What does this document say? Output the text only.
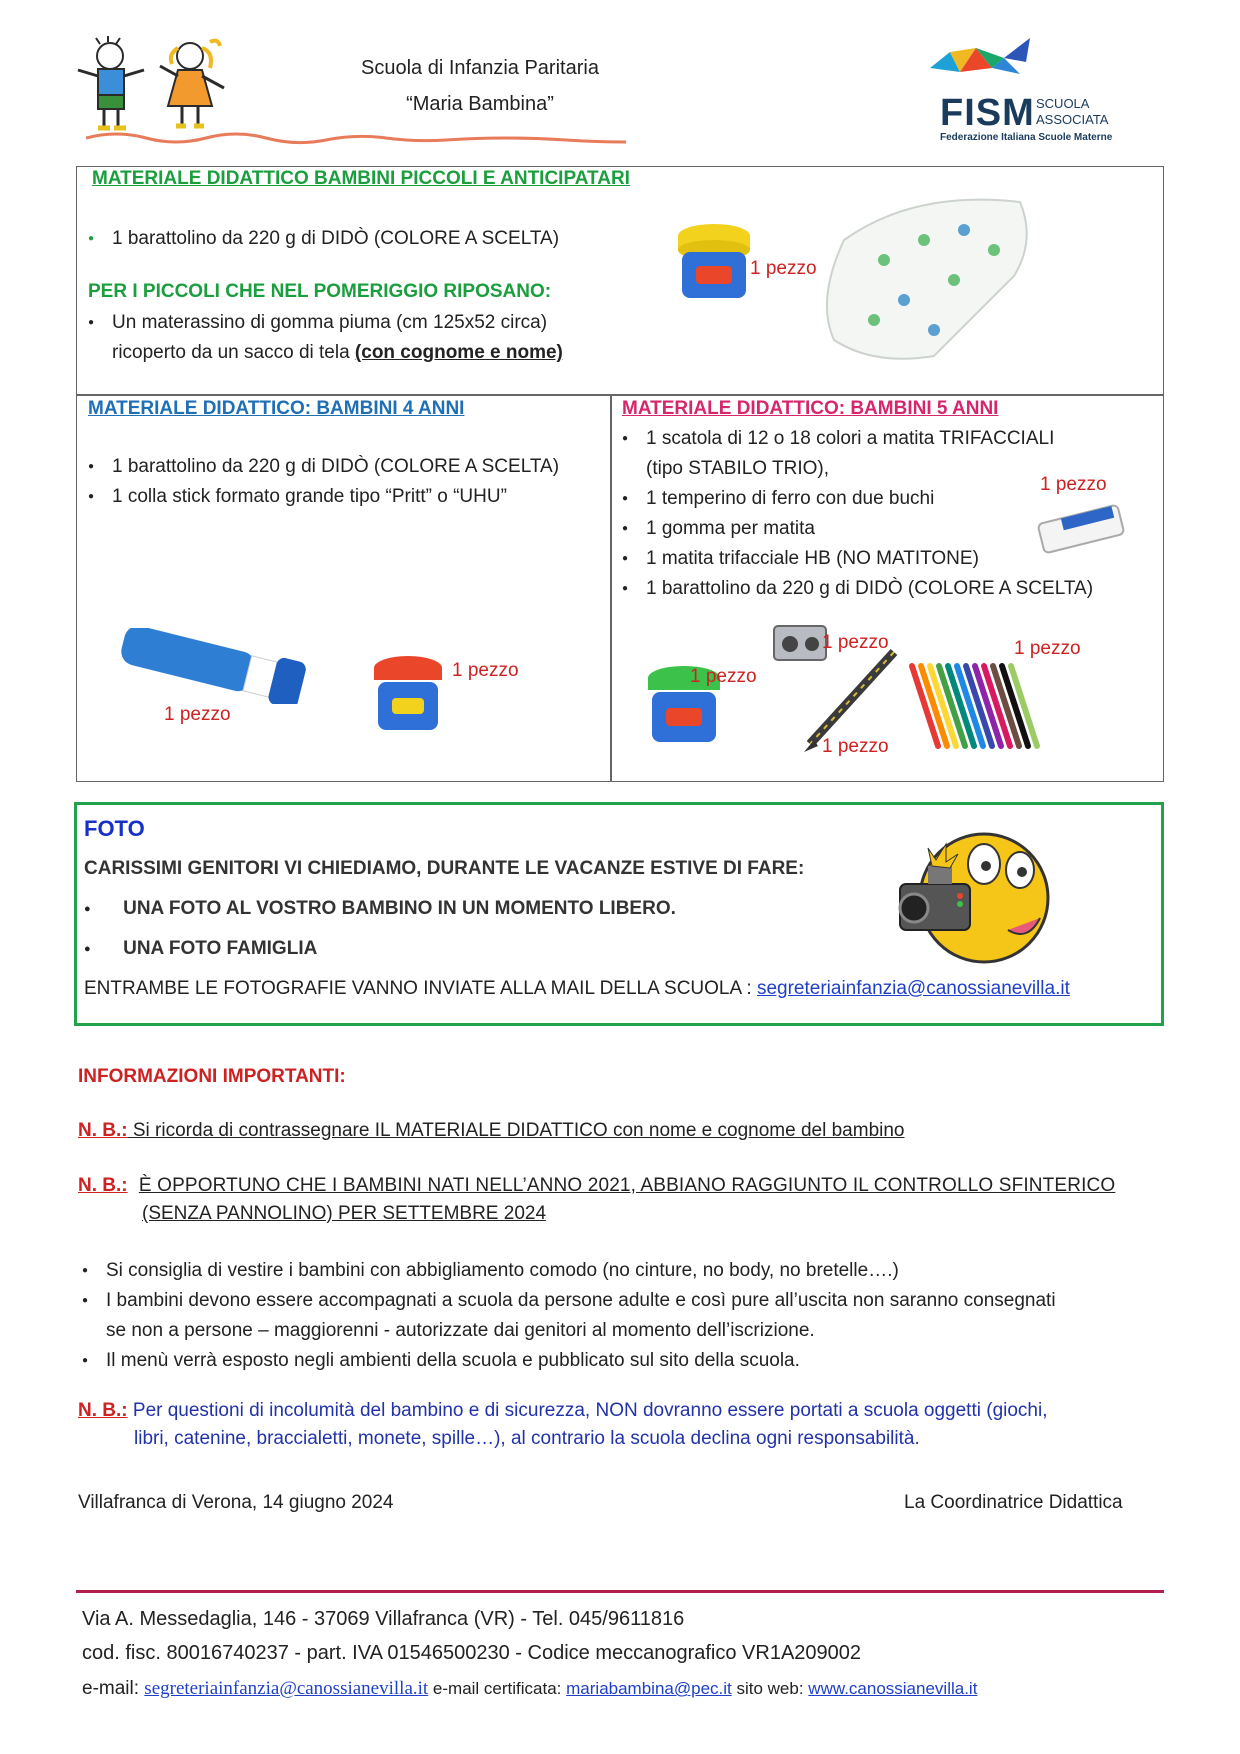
Scuola di Infanzia Paritaria
“Maria Bambina”	FISM SCUOLA
ASSOCIATA
Federazione Italiana Scuole Materne
MATERIALE DIDATTICO BAMBINI PICCOLI E ANTICIPATARI
● 1 barattolino da 220 g di DIDÒ (COLORE A SCELTA)
PER I PICCOLI CHE NEL POMERIGGIO RIPOSANO:
● Un materassino di gomma piuma (cm 125x52 circa)
ricoperto da un sacco di tela (con cognome e nome)
1 pezzo
MATERIALE DIDATTICO: BAMBINI 4 ANNI
● 1 barattolino da 220 g di DIDÒ (COLORE A SCELTA)
● 1 colla stick formato grande tipo “Pritt” o “UHU”
1 pezzo
1 pezzo
MATERIALE DIDATTICO: BAMBINI 5 ANNI
● 1 scatola di 12 o 18 colori a matita TRIFACCIALI
(tipo STABILO TRIO),
● 1 temperino di ferro con due buchi
● 1 gomma per matita
● 1 matita trifacciale HB (NO MATITONE)
● 1 barattolino da 220 g di DIDÒ (COLORE A SCELTA)
1 pezzo
1 pezzo	1 pezzo
1 pezzo
1 pezzo
FOTO
CARISSIMI GENITORI VI CHIEDIAMO, DURANTE LE VACANZE ESTIVE DI FARE:
● UNA FOTO AL VOSTRO BAMBINO IN UN MOMENTO LIBERO.
● UNA FOTO FAMIGLIA
ENTRAMBE LE FOTOGRAFIE VANNO INVIATE ALLA MAIL DELLA SCUOLA : segreteriainfanzia@canossianevilla.it
INFORMAZIONI IMPORTANTI:
N. B.: Si ricorda di contrassegnare IL MATERIALE DIDATTICO con nome e cognome del bambino
N. B.: È OPPORTUNO CHE I BAMBINI NATI NELL’ANNO 2021, ABBIANO RAGGIUNTO IL CONTROLLO SFINTERICO
(SENZA PANNOLINO) PER SETTEMBRE 2024
● Si consiglia di vestire i bambini con abbigliamento comodo (no cinture, no body, no bretelle….)
● I bambini devono essere accompagnati a scuola da persone adulte e così pure all’uscita non saranno consegnati
se non a persone – maggiorenni - autorizzate dai genitori al momento dell’iscrizione.
● Il menù verrà esposto negli ambienti della scuola e pubblicato sul sito della scuola.
N. B.: Per questioni di incolumità del bambino e di sicurezza, NON dovranno essere portati a scuola oggetti (giochi,
libri, catenine, braccialetti, monete, spille…), al contrario la scuola declina ogni responsabilità.
Villafranca di Verona, 14 giugno 2024	La Coordinatrice Didattica
Via A. Messedaglia, 146 - 37069 Villafranca (VR) - Tel. 045/9611816
cod. fisc. 80016740237 - part. IVA 01546500230 - Codice meccanografico VR1A209002
e-mail: segreteriainfanzia@canossianevilla.it e-mail certificata: mariabambina@pec.it sito web: www.canossianevilla.it
